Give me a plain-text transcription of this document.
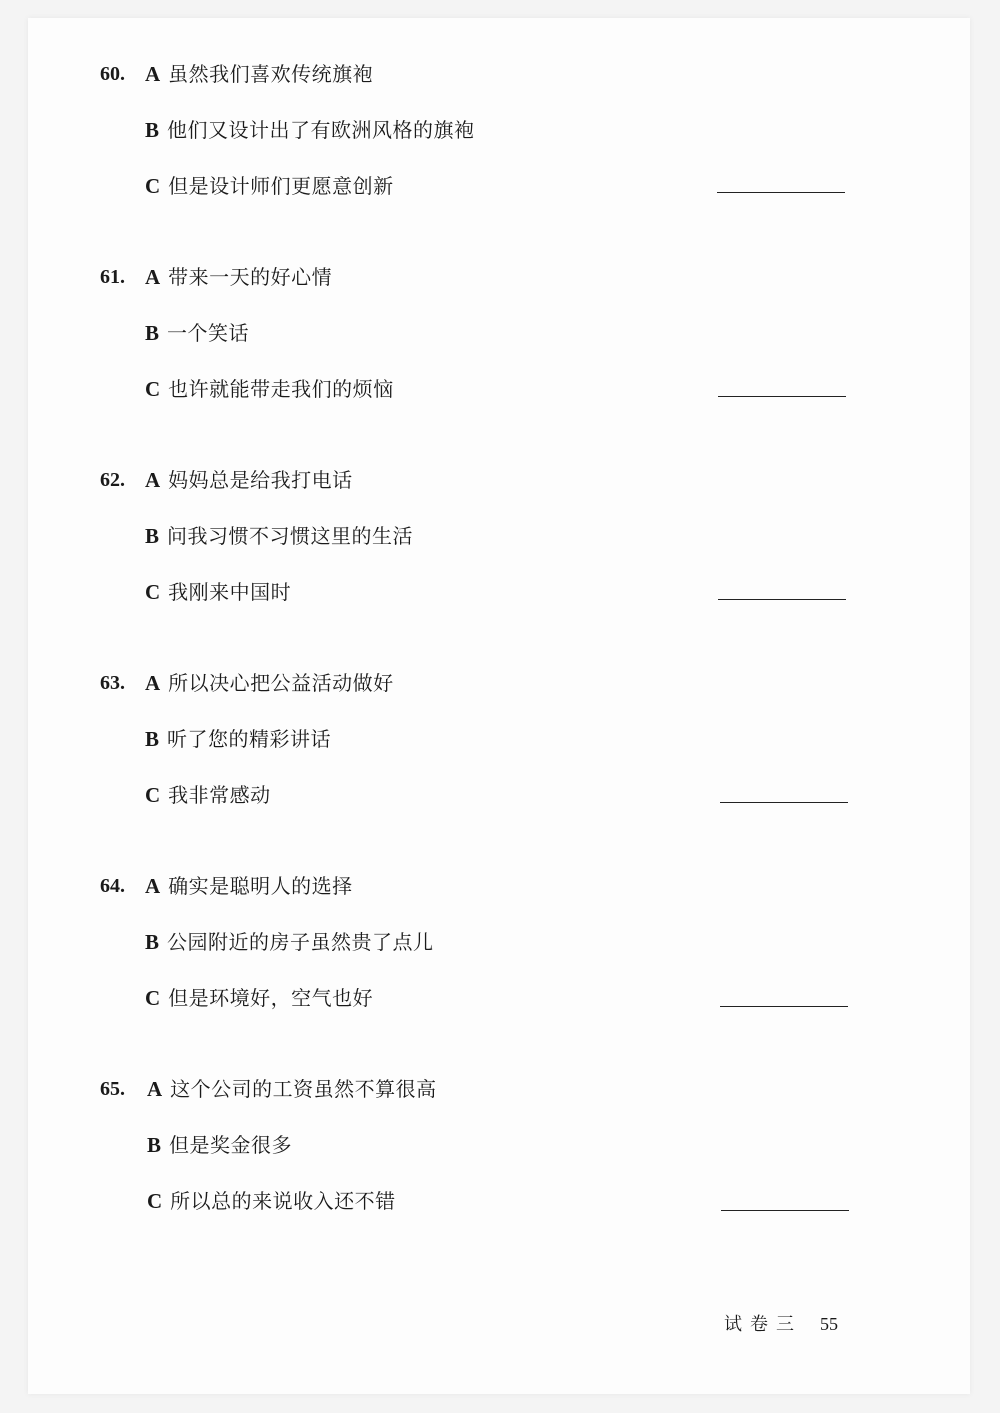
60. A 虽然我们喜欢传统旗袍
B 他们又设计出了有欧洲风格的旗袍
C 但是设计师们更愿意创新
61. A 带来一天的好心情
B 一个笑话
C 也许就能带走我们的烦恼
62. A 妈妈总是给我打电话
B 问我习惯不习惯这里的生活
C 我刚来中国时
63. A 所以决心把公益活动做好
B 听了您的精彩讲话
C 我非常感动
64. A 确实是聪明人的选择
B 公园附近的房子虽然贵了点儿
C 但是环境好，空气也好
65. A 这个公司的工资虽然不算很高
B 但是奖金很多
C 所以总的来说收入还不错
试卷三 55
